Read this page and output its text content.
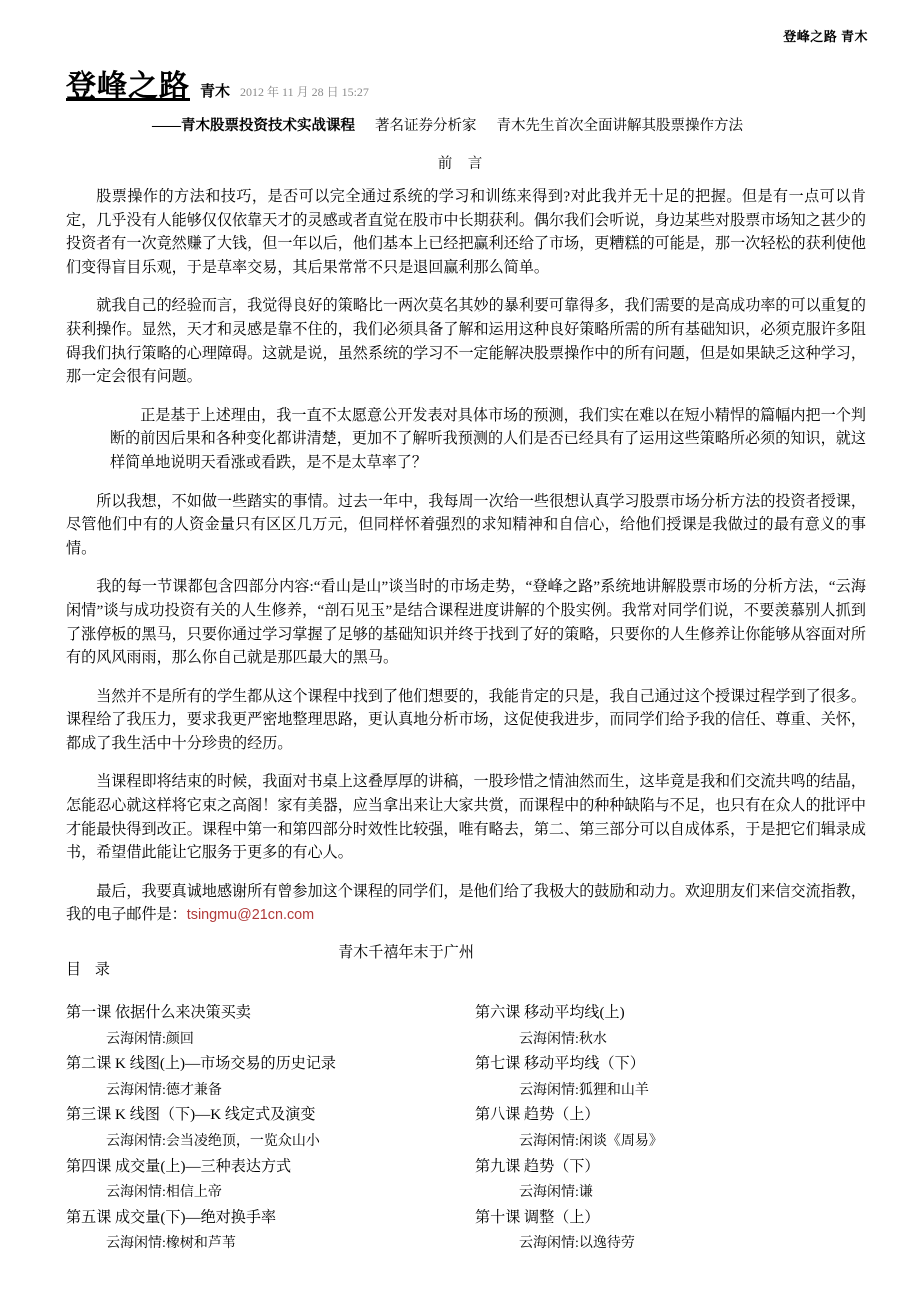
登峰之路 青木
登峰之路 青木 2012 年 11 月 28 日 15:27
——青木股票投资技术实战课程 著名证券分析家 青木先生首次全面讲解其股票操作方法
前 言

股票操作的方法和技巧，是否可以完全通过系统的学习和训练来得到?对此我并无十足的把握。但是有一点可以肯定，几乎没有人能够仅仅依靠天才的灵感或者直觉在股市中长期获利。偶尔我们会听说，身边某些对股票市场知之甚少的投资者有一次竟然赚了大钱，但一年以后，他们基本上已经把赢利还给了市场，更糟糕的可能是，那一次轻松的获利使他们变得盲目乐观，于是草率交易，其后果常常不只是退回赢利那么简单。

就我自己的经验而言，我觉得良好的策略比一两次莫名其妙的暴利要可靠得多，我们需要的是高成功率的可以重复的获利操作。显然，天才和灵感是靠不住的，我们必须具备了解和运用这种良好策略所需的所有基础知识，必须克服许多阻碍我们执行策略的心理障碍。这就是说，虽然系统的学习不一定能解决股票操作中的所有问题，但是如果缺乏这种学习，那一定会很有问题。

正是基于上述理由，我一直不太愿意公开发表对具体市场的预测，我们实在难以在短小精悍的篇幅内把一个判断的前因后果和各种变化都讲清楚，更加不了解听我预测的人们是否已经具有了运用这些策略所必须的知识，就这样简单地说明天看涨或看跌，是不是太草率了？

所以我想，不如做一些踏实的事情。过去一年中，我每周一次给一些很想认真学习股票市场分析方法的投资者授课，尽管他们中有的人资金量只有区区几万元，但同样怀着强烈的求知精神和自信心，给他们授课是我做过的最有意义的事情。

我的每一节课都包含四部分内容:“看山是山”谈当时的市场走势，“登峰之路”系统地讲解股票市场的分析方法，“云海闲情”谈与成功投资有关的人生修养，“剖石见玉”是结合课程进度讲解的个股实例。我常对同学们说，不要羡慕别人抓到了涨停板的黑马，只要你通过学习掌握了足够的基础知识并终于找到了好的策略，只要你的人生修养让你能够从容面对所有的风风雨雨，那么你自己就是那匹最大的黑马。

当然并不是所有的学生都从这个课程中找到了他们想要的，我能肯定的只是，我自己通过这个授课过程学到了很多。课程给了我压力，要求我更严密地整理思路，更认真地分析市场，这促使我进步，而同学们给予我的信任、尊重、关怀，都成了我生活中十分珍贵的经历。

当课程即将结束的时候，我面对书桌上这叠厚厚的讲稿，一股珍惜之情油然而生，这毕竟是我和们交流共鸣的结晶，怎能忍心就这样将它束之高阁！家有美器，应当拿出来让大家共赏，而课程中的种种缺陷与不足，也只有在众人的批评中才能最快得到改正。课程中第一和第四部分时效性比较强，唯有略去，第二、第三部分可以自成体系，于是把它们辑录成书，希望借此能让它服务于更多的有心人。

最后，我要真诚地感谢所有曾参加这个课程的同学们，是他们给了我极大的鼓励和动力。欢迎朋友们来信交流指教，我的电子邮件是：tsingmu@21cn.com

青木千禧年末于广州

目 录
第一课 依据什么来决策买卖
云海闲情:颜回
第二课 K 线图(上)—市场交易的历史记录
云海闲情:德才兼备
第三课 K 线图（下)—K 线定式及演变
云海闲情:会当凌绝顶，一览众山小
第四课 成交量(上)—三种表达方式
云海闲情:相信上帝
第五课 成交量(下)—绝对换手率
云海闲情:橡树和芦苇
第六课 移动平均线(上)
云海闲情:秋水
第七课 移动平均线（下）
云海闲情:狐狸和山羊
第八课 趋势（上）
云海闲情:闲谈《周易》
第九课 趋势（下）
云海闲情:谦
第十课 调整（上）
云海闲情:以逸待劳
